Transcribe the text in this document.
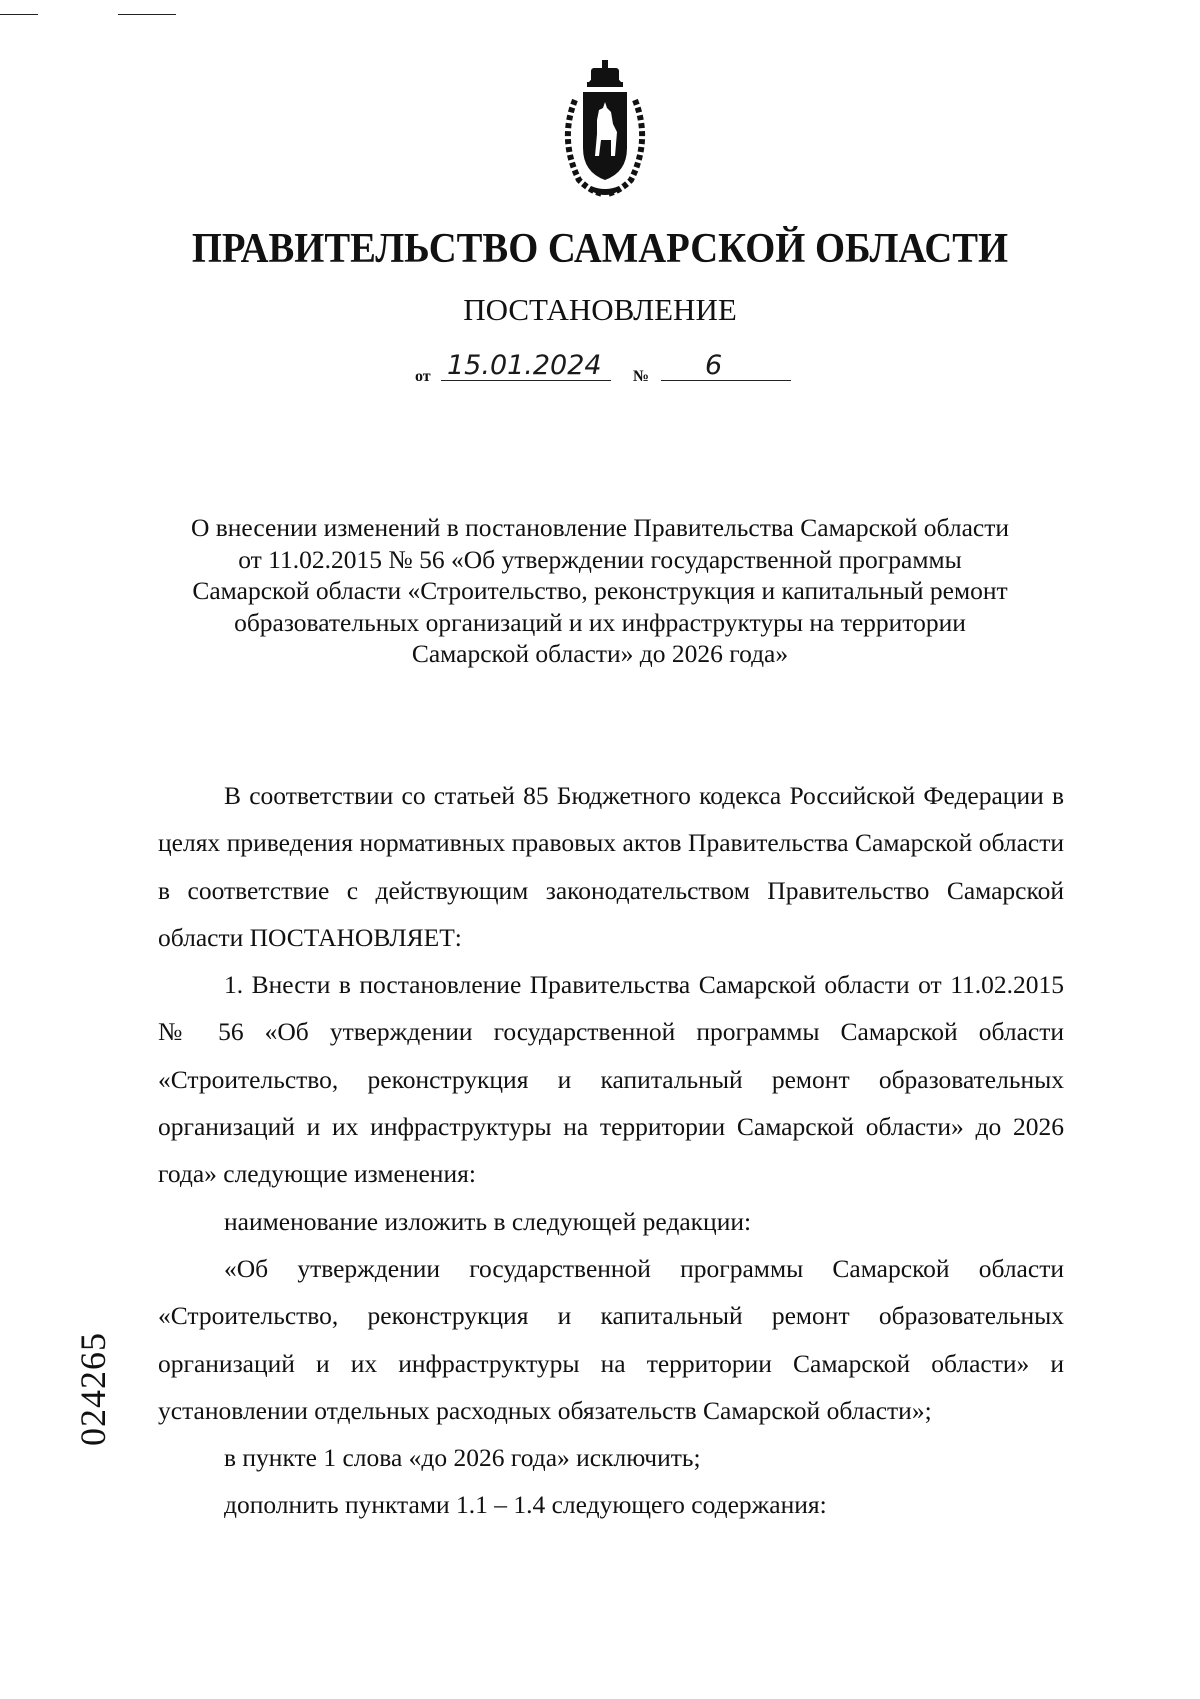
ПРАВИТЕЛЬСТВО САМАРСКОЙ ОБЛАСТИ
ПОСТАНОВЛЕНИЕ
от 15.01.2024 № 6
О внесении изменений в постановление Правительства Самарской области
от 11.02.2015 № 56 «Об утверждении государственной программы
Самарской области «Строительство, реконструкция и капитальный ремонт
образовательных организаций и их инфраструктуры на территории
Самарской области» до 2026 года»

В соответствии со статьей 85 Бюджетного кодекса Российской Федерации в целях приведения нормативных правовых актов Правительства Самарской области в соответствие с действующим законодательством Правительство Самарской области ПОСТАНОВЛЯЕТ:

1. Внести в постановление Правительства Самарской области от 11.02.2015 № 56 «Об утверждении государственной программы Самарской области «Строительство, реконструкция и капитальный ремонт образовательных организаций и их инфраструктуры на территории Самарской области» до 2026 года» следующие изменения:

наименование изложить в следующей редакции:

«Об утверждении государственной программы Самарской области «Строительство, реконструкция и капитальный ремонт образовательных организаций и их инфраструктуры на территории Самарской области» и установлении отдельных расходных обязательств Самарской области»;

в пункте 1 слова «до 2026 года» исключить;

дополнить пунктами 1.1 – 1.4 следующего содержания:

024265
